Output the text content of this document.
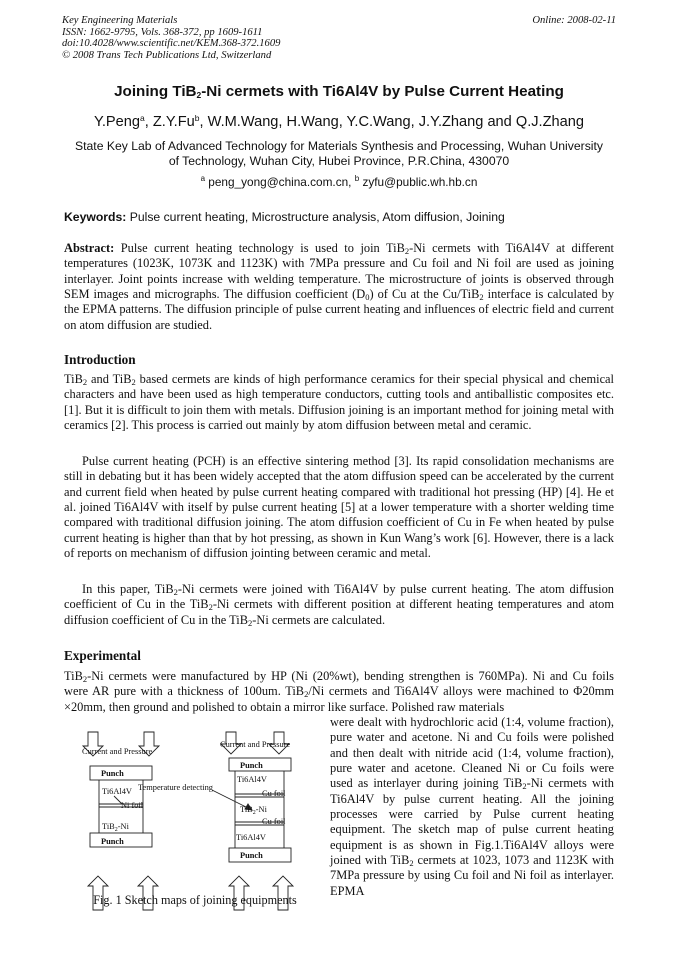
Key Engineering Materials
ISSN: 1662-9795, Vols. 368-372, pp 1609-1611
doi:10.4028/www.scientific.net/KEM.368-372.1609
© 2008 Trans Tech Publications Ltd, Switzerland
Online: 2008-02-11
Joining TiB$_2$-Ni cermets with Ti6Al4V by Pulse Current Heating
Y.Peng$^a$, Z.Y.Fu$^b$, W.M.Wang, H.Wang, Y.C.Wang, J.Y.Zhang and Q.J.Zhang
State Key Lab of Advanced Technology for Materials Synthesis and Processing, Wuhan University
of Technology, Wuhan City, Hubei Province, P.R.China, 430070
$^a$ peng_yong@china.com.cn, $^b$ zyfu@public.wh.hb.cn
Keywords: Pulse current heating, Microstructure analysis, Atom diffusion, Joining

Abstract: Pulse current heating technology is used to join TiB$_2$-Ni cermets with Ti6Al4V at different temperatures (1023K, 1073K and 1123K) with 7MPa pressure and Cu foil and Ni foil are used as joining interlayer. Joint points increase with welding temperature. The microstructure of joints is observed through SEM images and micrographs. The diffusion coefficient $(D_0)$ of Cu at the Cu/TiB$_2$ interface is calculated by the EPMA patterns. The diffusion principle of pulse current heating and influences of electric field and current on atom diffusion are studied.

Introduction

TiB$_2$ and TiB$_2$ based cermets are kinds of high performance ceramics for their special physical and chemical characters and have been used as high temperature conductors, cutting tools and antiballistic composites etc. [1]. But it is difficult to join them with metals. Diffusion joining is an important method for joining metal with ceramics [2]. This process is carried out mainly by atom diffusion between metal and ceramic.

Pulse current heating (PCH) is an effective sintering method [3]. Its rapid consolidation mechanisms are still in debating but it has been widely accepted that the atom diffusion speed can be accelerated by the current and current field when heated by pulse current heating compared with traditional hot pressing (HP) [4]. He et al. joined Ti6Al4V with itself by pulse current heating [5] at a lower temperature with a shorter welding time compared with traditional diffusion joining. The atom diffusion coefficient of Cu in Fe when heated by pulse current heating is higher than that by hot pressing, as shown in Kun Wang’s work [6]. However, there is a lack of reports on mechanism of diffusion jointing between ceramic and metal.

In this paper, TiB$_2$-Ni cermets were joined with Ti6Al4V by pulse current heating. The atom diffusion coefficient of Cu in the TiB$_2$-Ni cermets with different position at different heating temperatures and atom diffusion coefficient of Cu in the TiB$_2$-Ni cermets are calculated.

Experimental

TiB$_2$-Ni cermets were manufactured by HP (Ni (20%wt), bending strengthen is 760MPa). Ni and Cu foils were AR pure with a thickness of 100um. TiB$_2$/Ni cermets and Ti6Al4V alloys were machined to Φ20mm ×20mm, then ground and polished to obtain a mirror like surface. Polished raw materials

were dealt with hydrochloric acid (1:4, volume fraction), pure water and acetone. Ni and Cu foils were polished and then dealt with nitride acid (1:4, volume fraction), pure water and acetone. Cleaned Ni or Cu foils were used as interlayer during joining TiB$_2$-Ni cermets with Ti6Al4V by pulse current heating. All the joining processes were carried by Pulse current heating equipment. The sketch map of pulse current heating equipment is as shown in Fig.1.Ti6Al4V alloys were joined with TiB$_2$ cermets at 1023, 1073 and 1123K with 7MPa pressure by using Cu foil and Ni foil as interlayer. EPMA

Current and Pressure
Current and Pressure
Punch
Ti6Al4V
Ni foil
TiB$_2$-Ni
Punch
Temperature detecting
Punch
Ti6Al4V
Cu foil
TiB$_2$-Ni
Cu foil
Ti6Al4V
Punch
Fig. 1 Sketch maps of joining equipments
